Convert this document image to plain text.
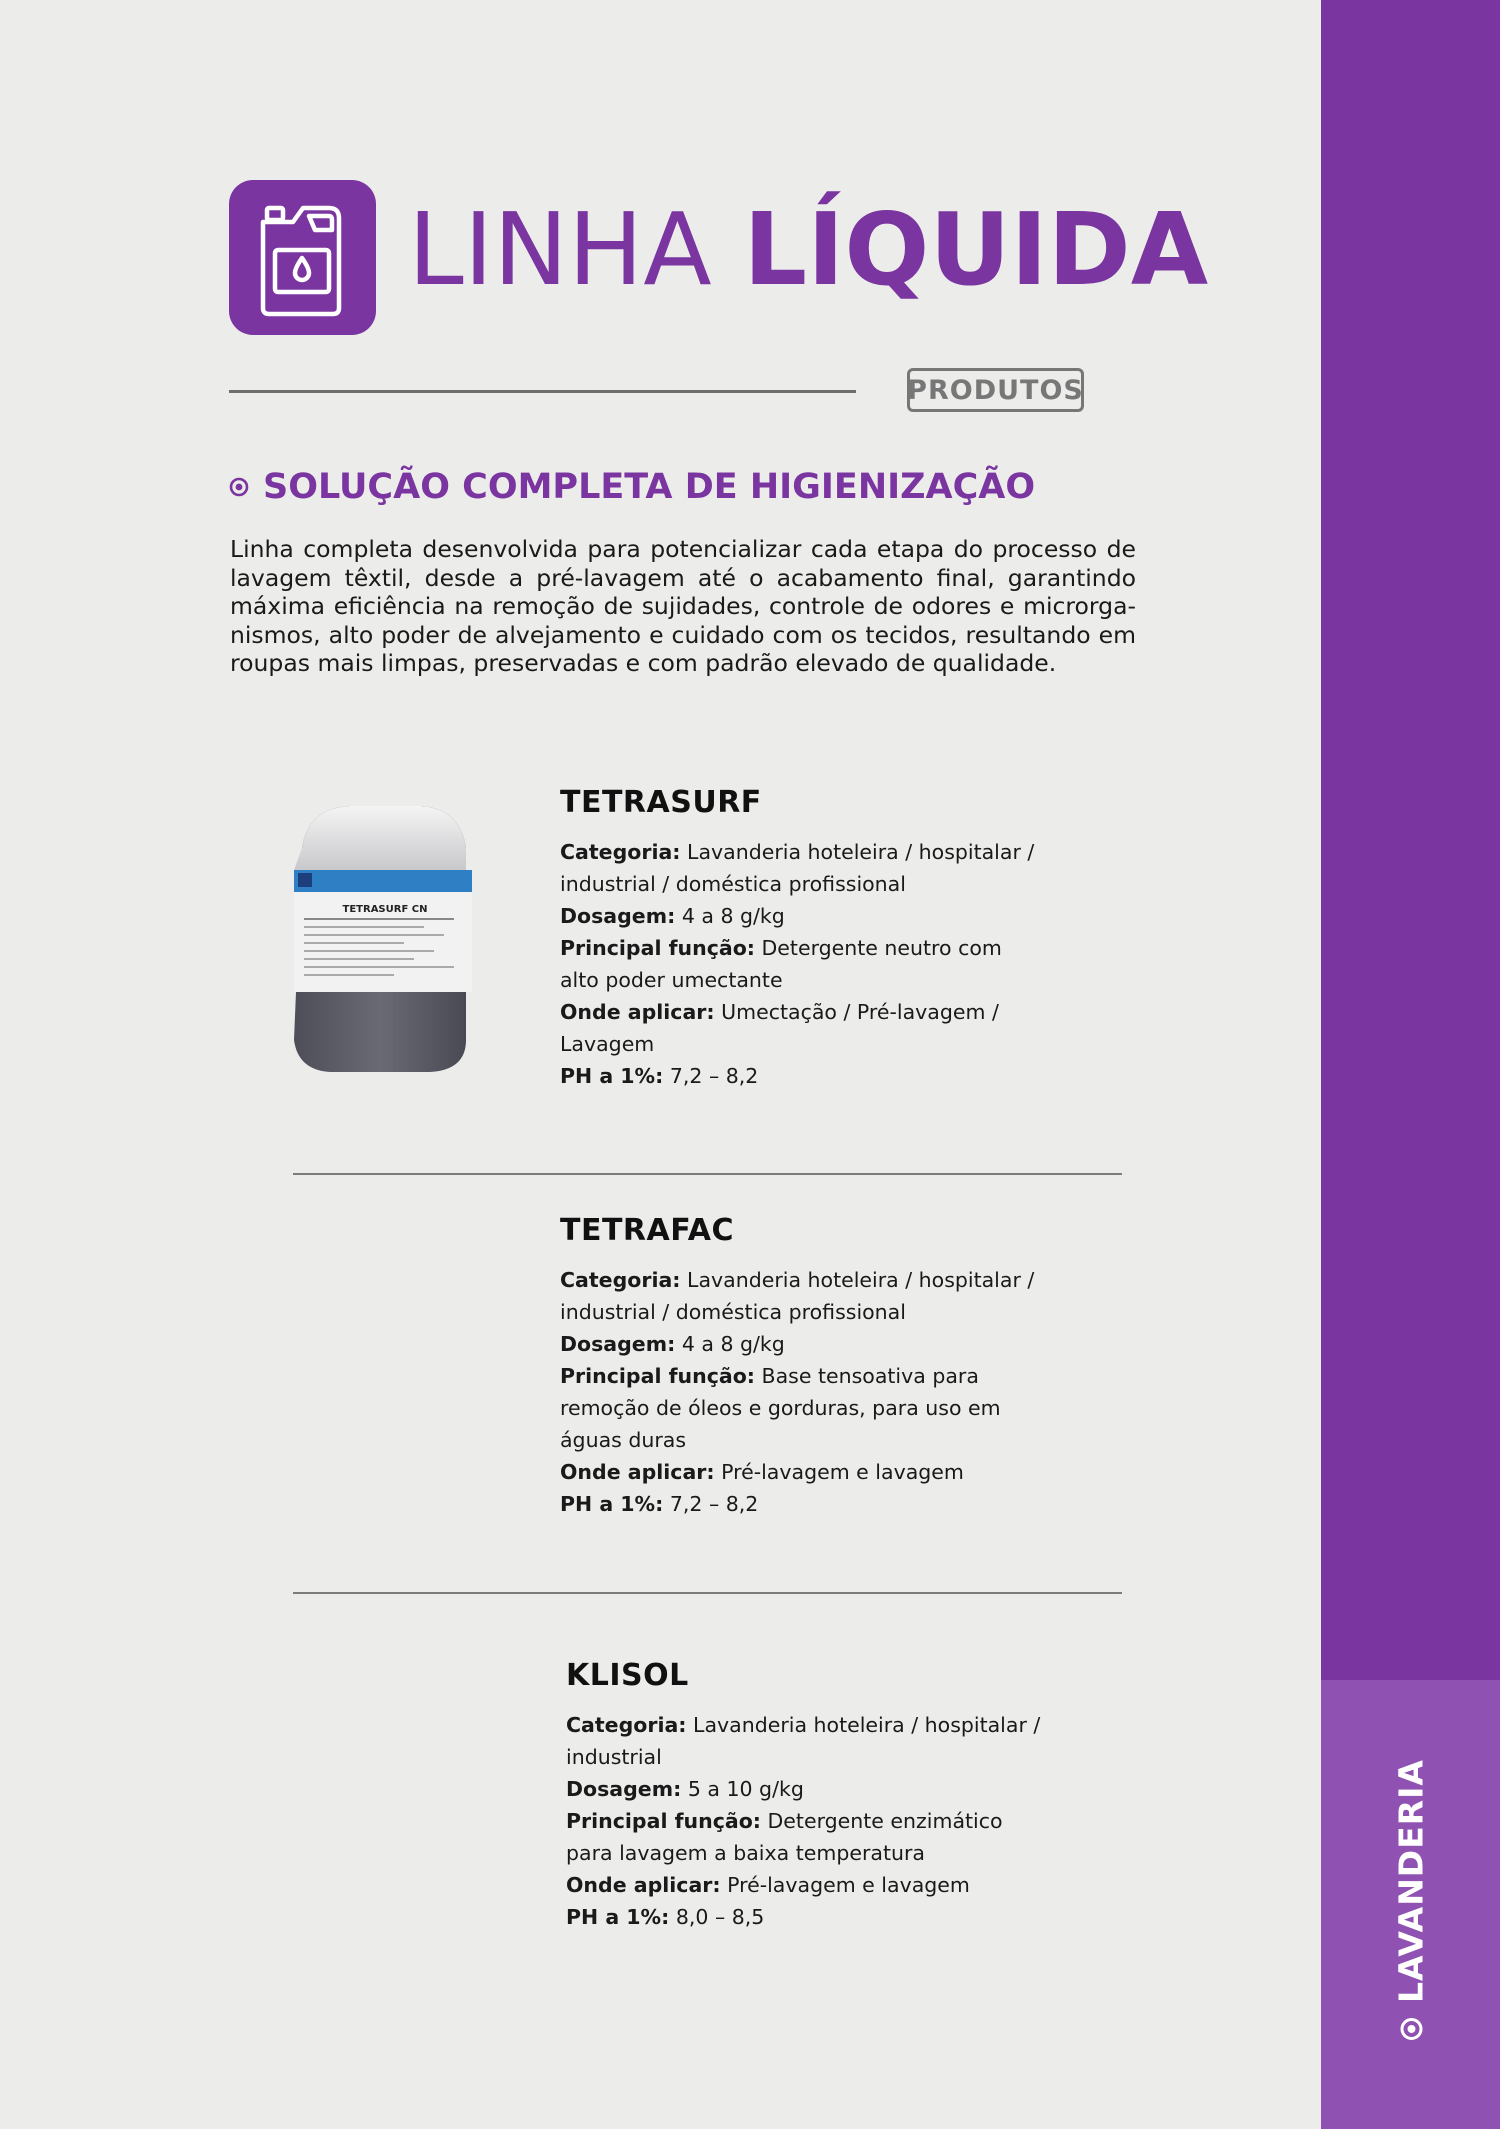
LAVANDERIA
LINHA LÍQUIDA
PRODUTOS
SOLUÇÃO COMPLETA DE HIGIENIZAÇÃO
Linha completa desenvolvida para potencializar cada etapa do processo de lavagem têxtil, desde a pré-lavagem até o acabamento final, garantindo máxima eficiência na remoção de sujidades, controle de odores e microrganismos, alto poder de alvejamento e cuidado com os tecidos, resultando em roupas mais limpas, preservadas e com padrão elevado de qualidade.
TETRASURF CN
TETRASURF
Categoria: Lavanderia hoteleira / hospitalar / industrial / doméstica profissional
Dosagem: 4 a 8 g/kg
Principal função: Detergente neutro com alto poder umectante
Onde aplicar: Umectação / Pré-lavagem / Lavagem
PH a 1%: 7,2 – 8,2
TETRAFAC
Categoria: Lavanderia hoteleira / hospitalar / industrial / doméstica profissional
Dosagem: 4 a 8 g/kg
Principal função: Base tensoativa para remoção de óleos e gorduras, para uso em águas duras
Onde aplicar: Pré-lavagem e lavagem
PH a 1%: 7,2 – 8,2
KLISOL
Categoria: Lavanderia hoteleira / hospitalar / industrial
Dosagem: 5 a 10 g/kg
Principal função: Detergente enzimático para lavagem a baixa temperatura
Onde aplicar: Pré-lavagem e lavagem
PH a 1%: 8,0 – 8,5
